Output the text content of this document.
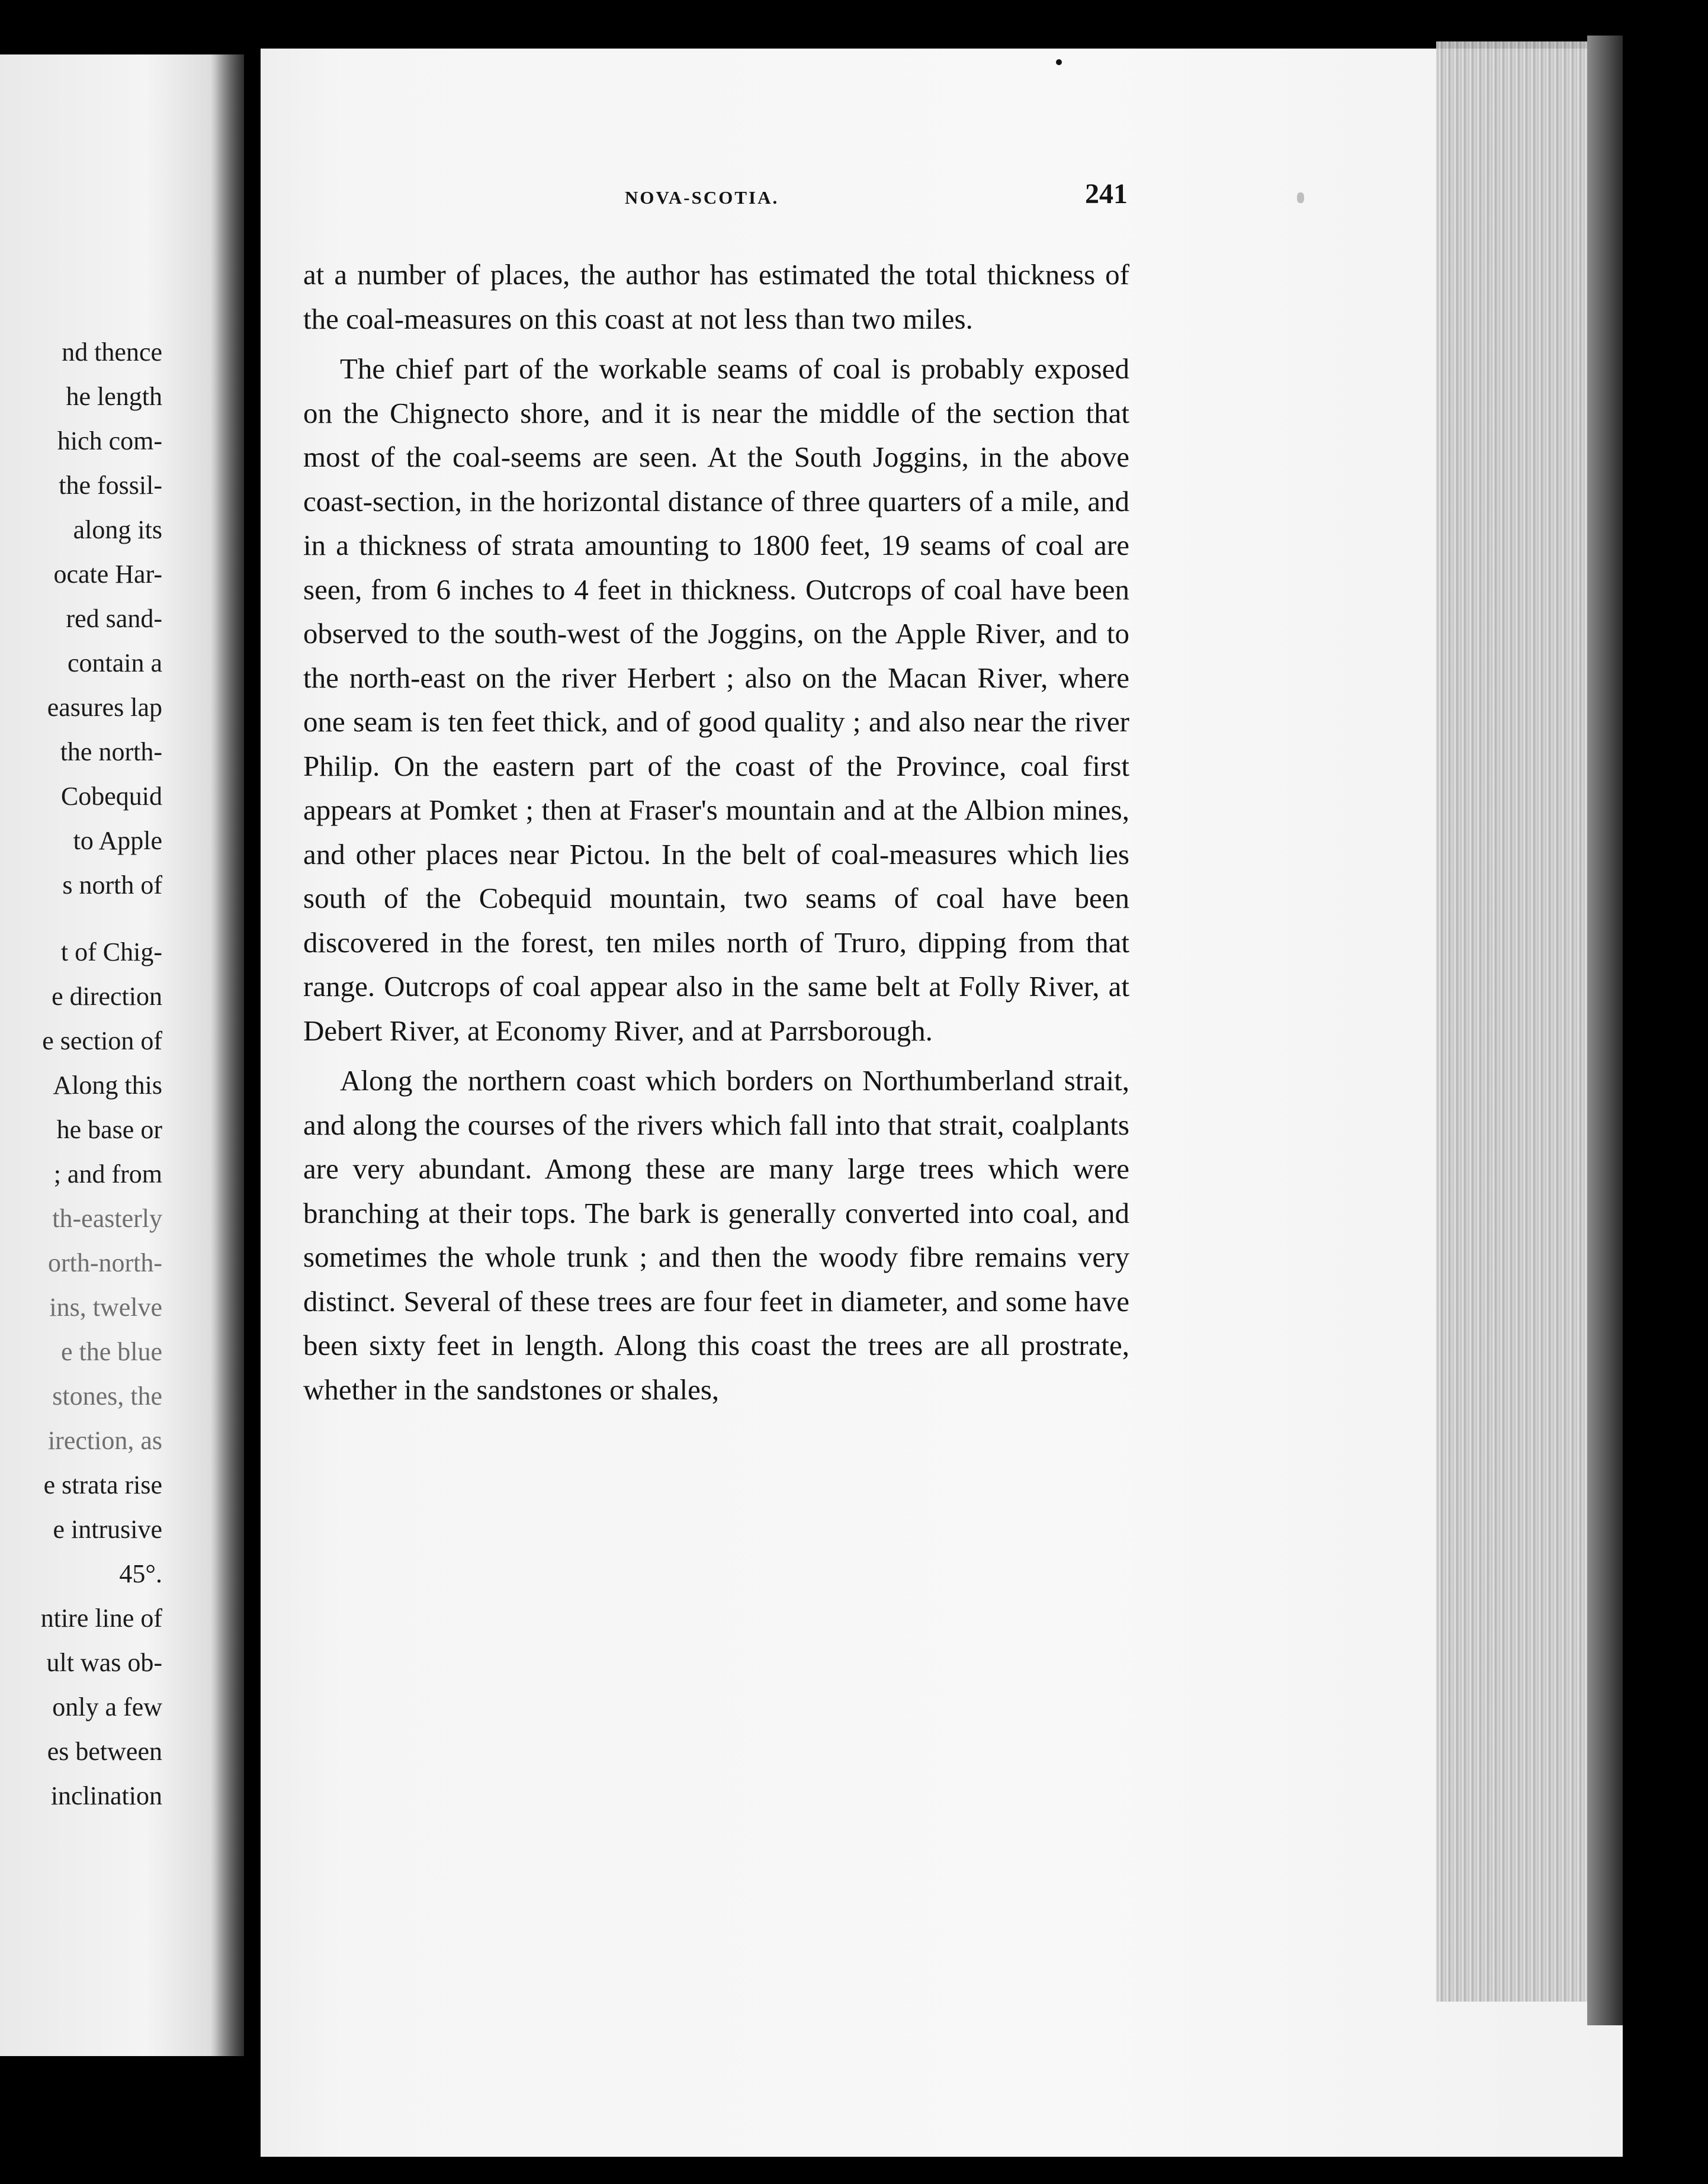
nd thence
he length
hich com-
the fossil-
along its
ocate Har-
red sand-
contain a
easures lap
the north-
Cobequid
to Apple
s north of
t of Chig-
e direction
e section of
Along this
he base or
; and from
th-easterly
orth-north-
ins, twelve
e the blue
stones, the
irection, as
e strata rise
e intrusive
45°.
ntire line of
ult was ob-
only a few
es between
inclination
NOVA-SCOTIA.	241

at a number of places, the author has estimated the total thickness of the coal-measures on this coast at not less than two miles.

The chief part of the workable seams of coal is probably exposed on the Chignecto shore, and it is near the middle of the section that most of the coal-seems are seen. At the South Joggins, in the above coast-section, in the horizontal distance of three quarters of a mile, and in a thickness of strata amounting to 1800 feet, 19 seams of coal are seen, from 6 inches to 4 feet in thickness. Outcrops of coal have been observed to the south-west of the Joggins, on the Apple River, and to the north-east on the river Herbert ; also on the Macan River, where one seam is ten feet thick, and of good quality ; and also near the river Philip. On the eastern part of the coast of the Province, coal first appears at Pomket ; then at Fraser's mountain and at the Albion mines, and other places near Pictou. In the belt of coal-measures which lies south of the Cobequid mountain, two seams of coal have been discovered in the forest, ten miles north of Truro, dipping from that range. Outcrops of coal appear also in the same belt at Folly River, at Debert River, at Economy River, and at Parrsborough.

Along the northern coast which borders on Northumberland strait, and along the courses of the rivers which fall into that strait, coalplants are very abundant. Among these are many large trees which were branching at their tops. The bark is generally converted into coal, and sometimes the whole trunk ; and then the woody fibre remains very distinct. Several of these trees are four feet in diameter, and some have been sixty feet in length. Along this coast the trees are all prostrate, whether in the sandstones or shales,
